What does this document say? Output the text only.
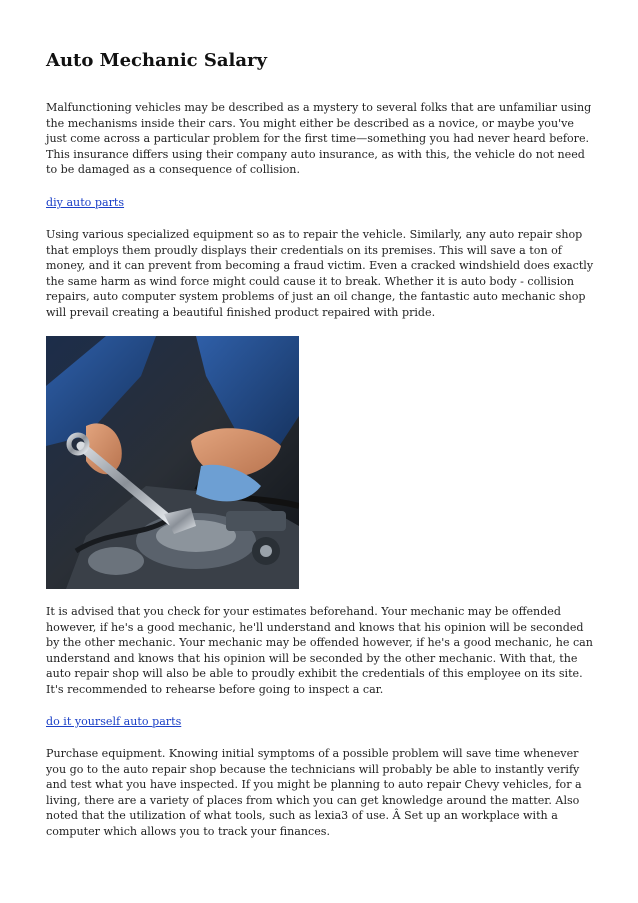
Auto Mechanic Salary

Malfunctioning vehicles may be described as a mystery to several folks that are unfamiliar using the mechanisms inside their cars. You might either be described as a novice, or maybe you've just come across a particular problem for the first time—something you had never heard before. This insurance differs using their company auto insurance, as with this, the vehicle do not need to be damaged as a consequence of collision.

diy auto parts

Using various specialized equipment so as to repair the vehicle. Similarly, any auto repair shop that employs them proudly displays their credentials on its premises. This will save a ton of money, and it can prevent from becoming a fraud victim. Even a cracked windshield does exactly the same harm as wind force might could cause it to break. Whether it is auto body - collision repairs, auto computer system problems of just an oil change, the fantastic auto mechanic shop will prevail creating a beautiful finished product repaired with pride.

It is advised that you check for your estimates beforehand. Your mechanic may be offended however, if he's a good mechanic, he'll understand and knows that his opinion will be seconded by the other mechanic. Your mechanic may be offended however, if he's a good mechanic, he can understand and knows that his opinion will be seconded by the other mechanic. With that, the auto repair shop will also be able to proudly exhibit the credentials of this employee on its site. It's recommended to rehearse before going to inspect a car.

do it yourself auto parts

Purchase equipment. Knowing initial symptoms of a possible problem will save time whenever you go to the auto repair shop because the technicians will probably be able to instantly verify and test what you have inspected. If you might be planning to auto repair Chevy vehicles, for a living, there are a variety of places from which you can get knowledge around the matter. Also noted that the utilization of what tools, such as lexia3 of use. Â Set up an workplace with a computer which allows you to track your finances.
